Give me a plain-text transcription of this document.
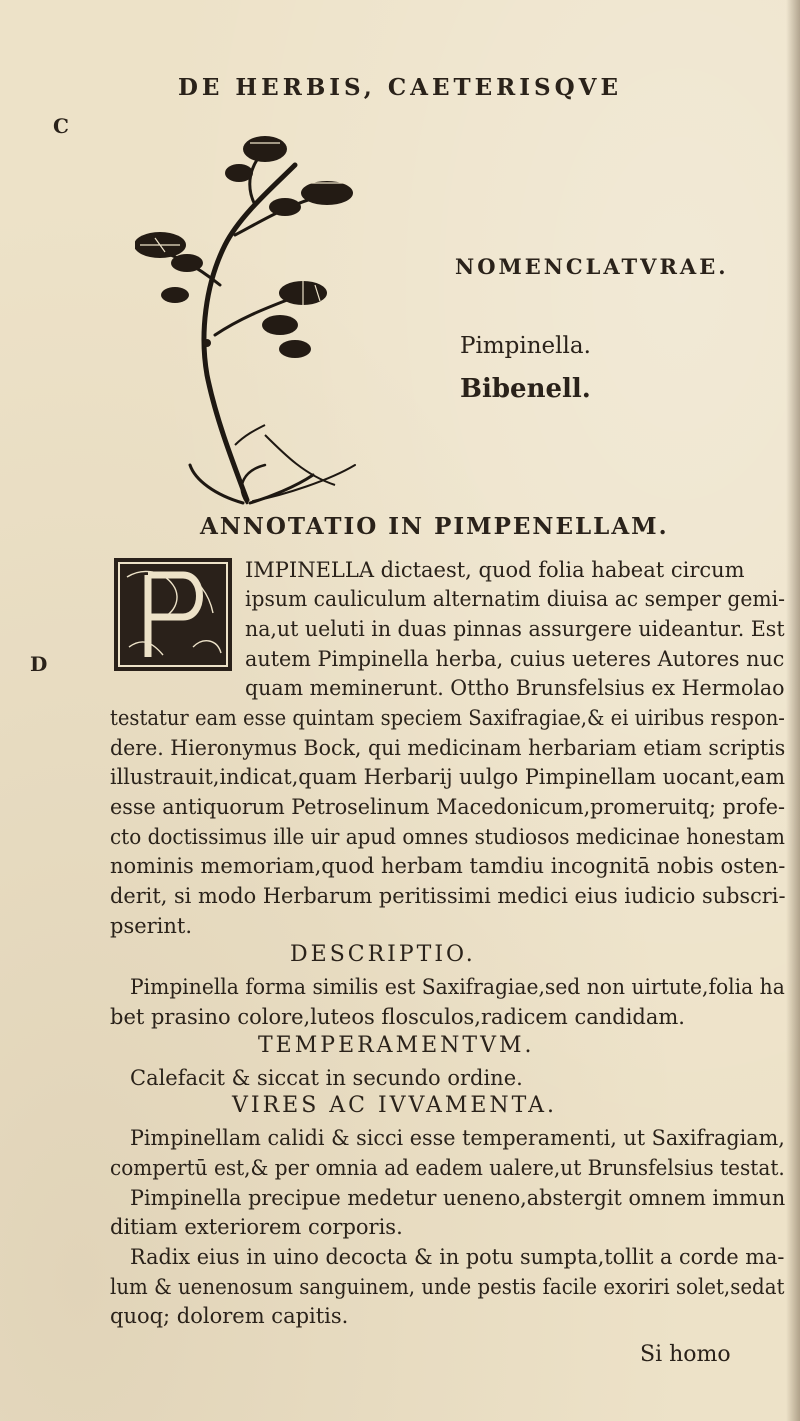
DE HERBIS, CAETERISQVE
C
D
NOMENCLATVRAE.
Pimpinella.
Bibenell.
ANNOTATIO IN PIMPENELLAM.
IMPINELLA dictaest, quod folia habeat circum
ipsum cauliculum alternatim diuisa ac semper gemi-
na,ut ueluti in duas pinnas assurgere uideantur. Est
autem Pimpinella herba, cuius ueteres Autores nuc
quam meminerunt. Ottho Brunsfelsius ex Hermolao
testatur eam esse quintam speciem Saxifragiae,& ei uiribus respon-
dere. Hieronymus Bock, qui medicinam herbariam etiam scriptis
illustrauit,indicat,quam Herbarij uulgo Pimpinellam uocant,eam
esse antiquorum Petroselinum Macedonicum,promeruitq; profe-
cto doctissimus ille uir apud omnes studiosos medicinae honestam
nominis memoriam,quod herbam tamdiu incognitā nobis osten-
derit, si modo Herbarum peritissimi medici eius iudicio subscri-
pserint.
DESCRIPTIO.
Pimpinella forma similis est Saxifragiae,sed non uirtute,folia ha
bet prasino colore,luteos flosculos,radicem candidam.
TEMPERAMENTVM.
Calefacit & siccat in secundo ordine.
VIRES AC IVVAMENTA.
Pimpinellam calidi & sicci esse temperamenti, ut Saxifragiam,
compertū est,& per omnia ad eadem ualere,ut Brunsfelsius testat.
Pimpinella precipue medetur ueneno,abstergit omnem immun
ditiam exteriorem corporis.
Radix eius in uino decocta & in potu sumpta,tollit a corde ma-
lum & uenenosum sanguinem, unde pestis facile exoriri solet,sedat
quoq; dolorem capitis.
Si homo
